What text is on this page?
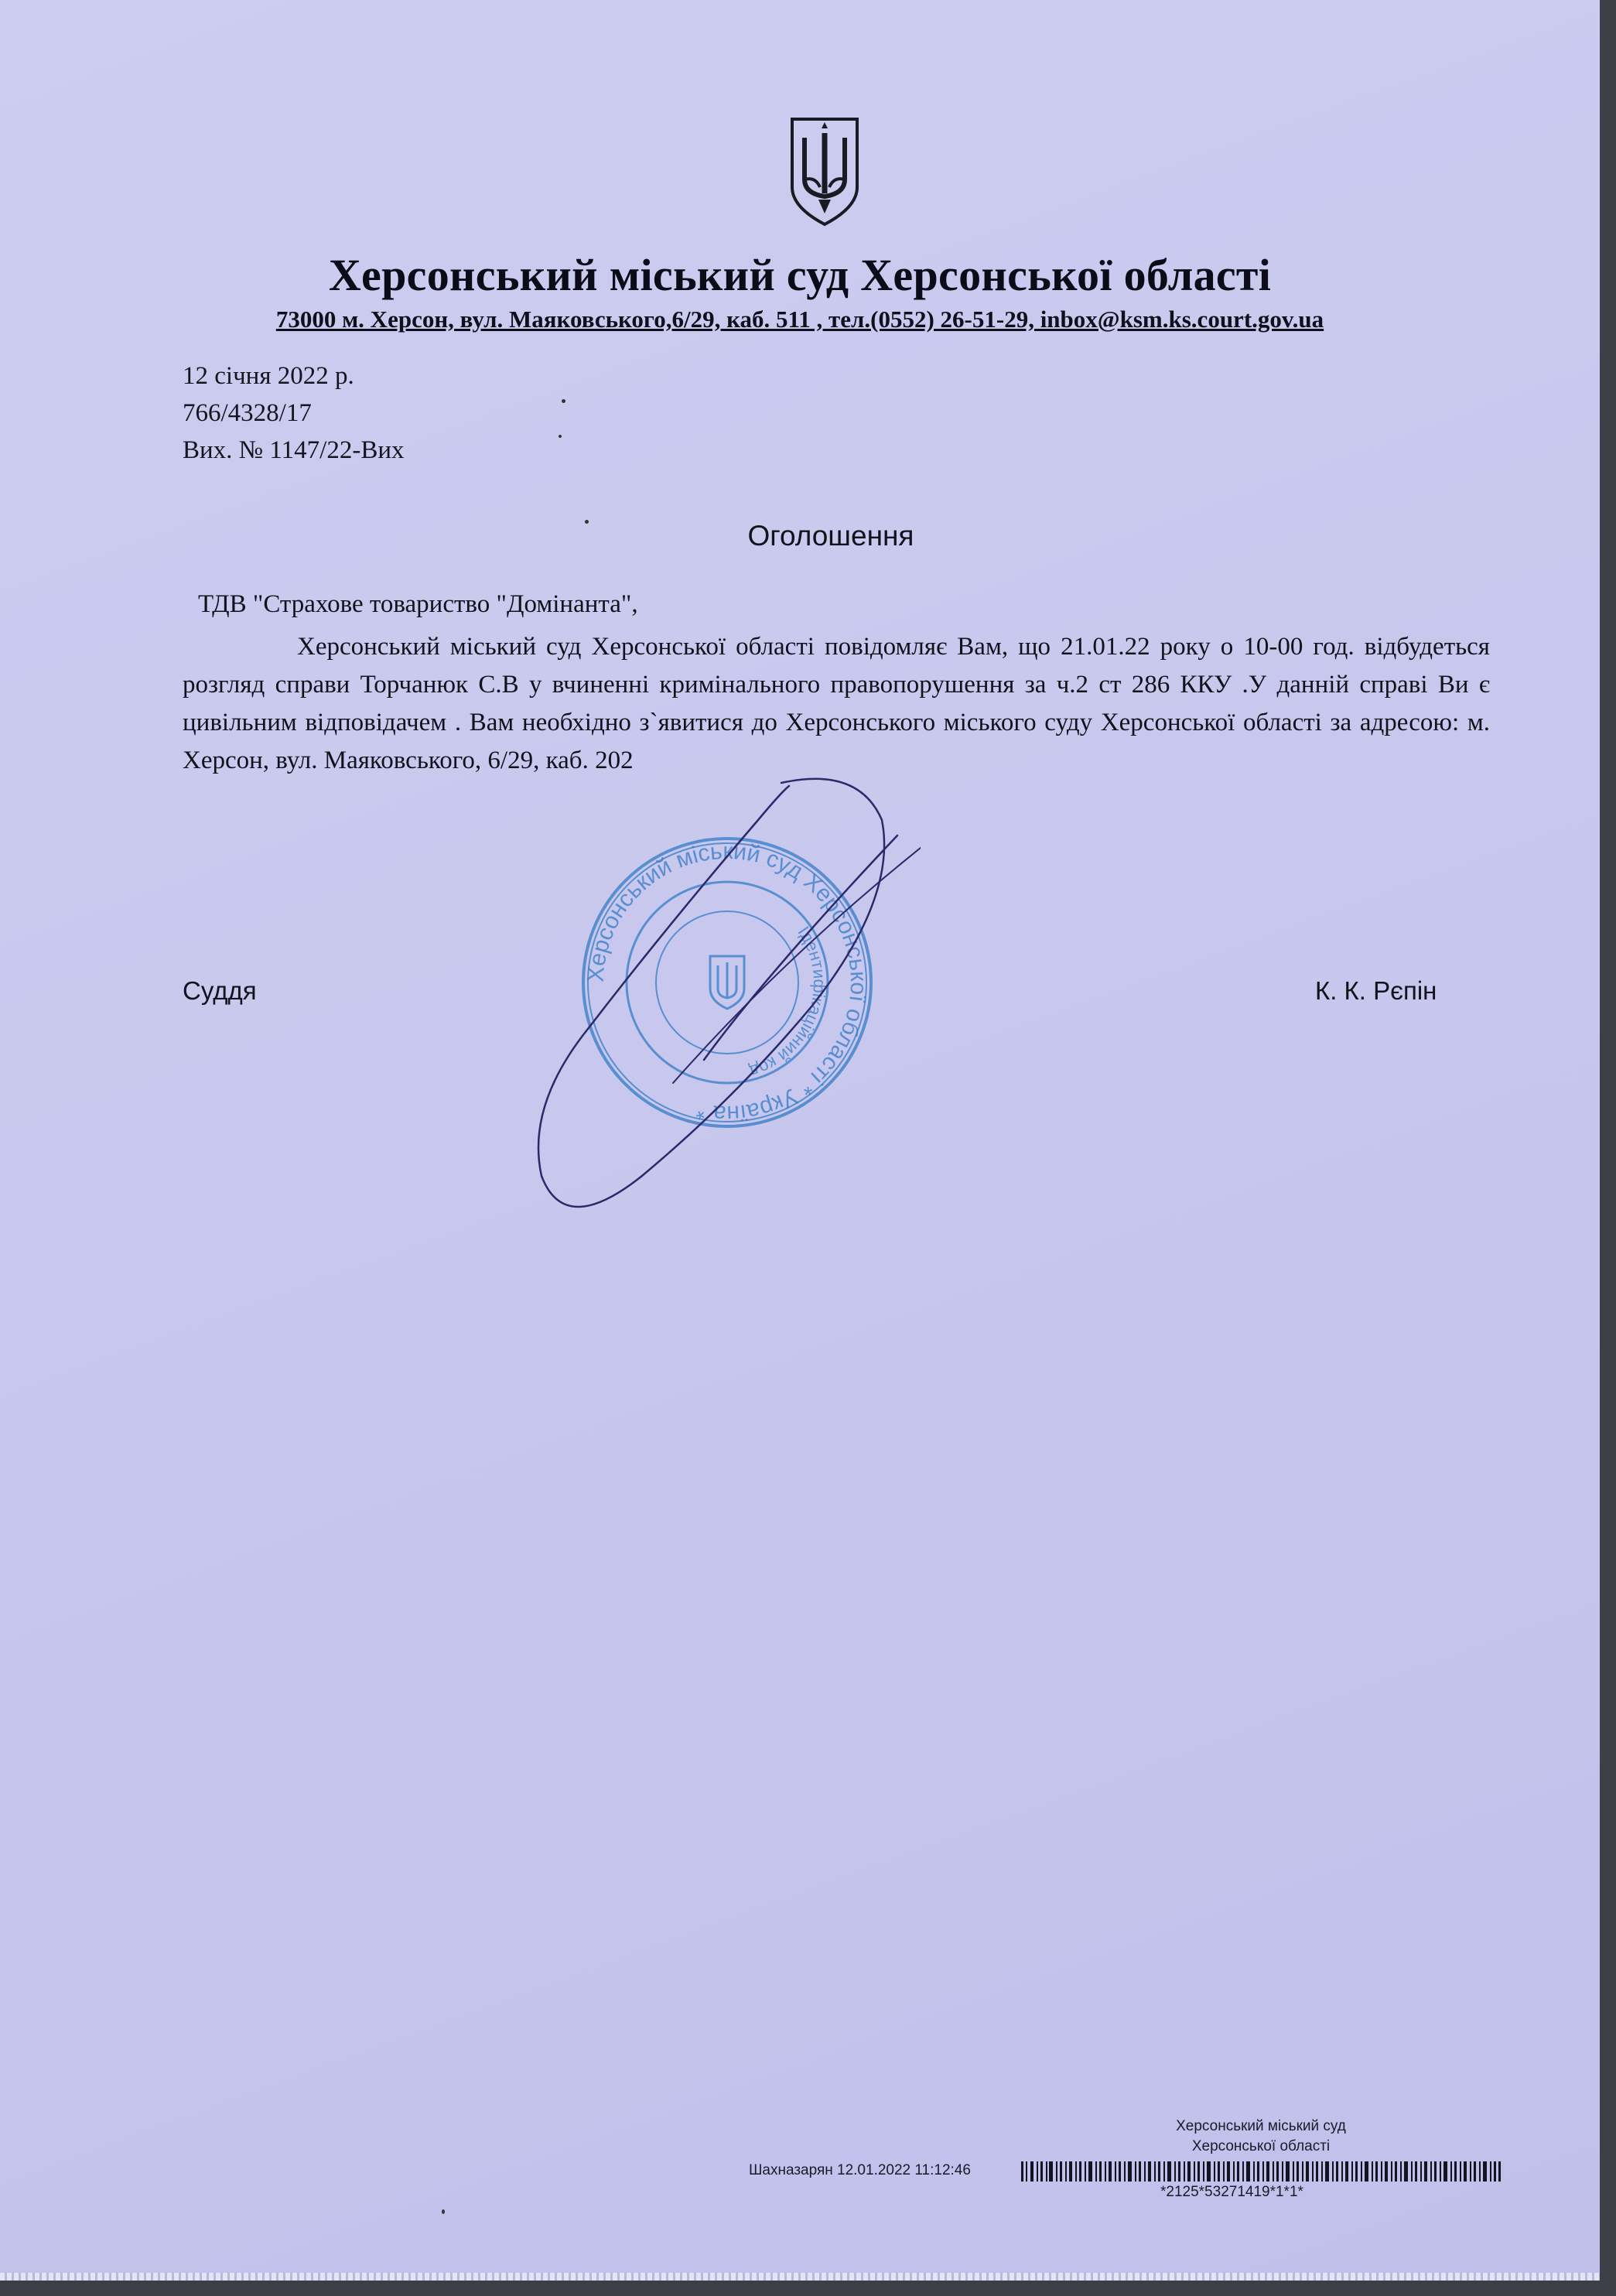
Херсонський міський суд Херсонської області
73000 м. Херсон, вул. Маяковського,6/29, каб. 511 , тел.(0552) 26-51-29, inbox@ksm.ks.court.gov.ua
12 січня 2022 р.
766/4328/17
Вих. № 1147/22-Вих
Оголошення
ТДВ "Страхове товариство "Домінанта",
Херсонський міський суд Херсонської області повідомляє Вам, що 21.01.22 року о 10-00 год. відбудеться розгляд справи Торчанюк С.В у вчиненні кримінального правопорушення за ч.2 ст 286 ККУ .У данній справі Ви є цивільним відповідачем . Вам необхідно з`явитися до Херсонського міського суду Херсонської області за адресою: м. Херсон, вул. Маяковського, 6/29, каб. 202
Суддя	К. К. Рєпін
Херсонський міський суд Херсонської області * Україна *
Ідентифікаційний код
Херсонський міський суд
Херсонської області
Шахназарян 12.01.2022 11:12:46
*2125*53271419*1*1*
